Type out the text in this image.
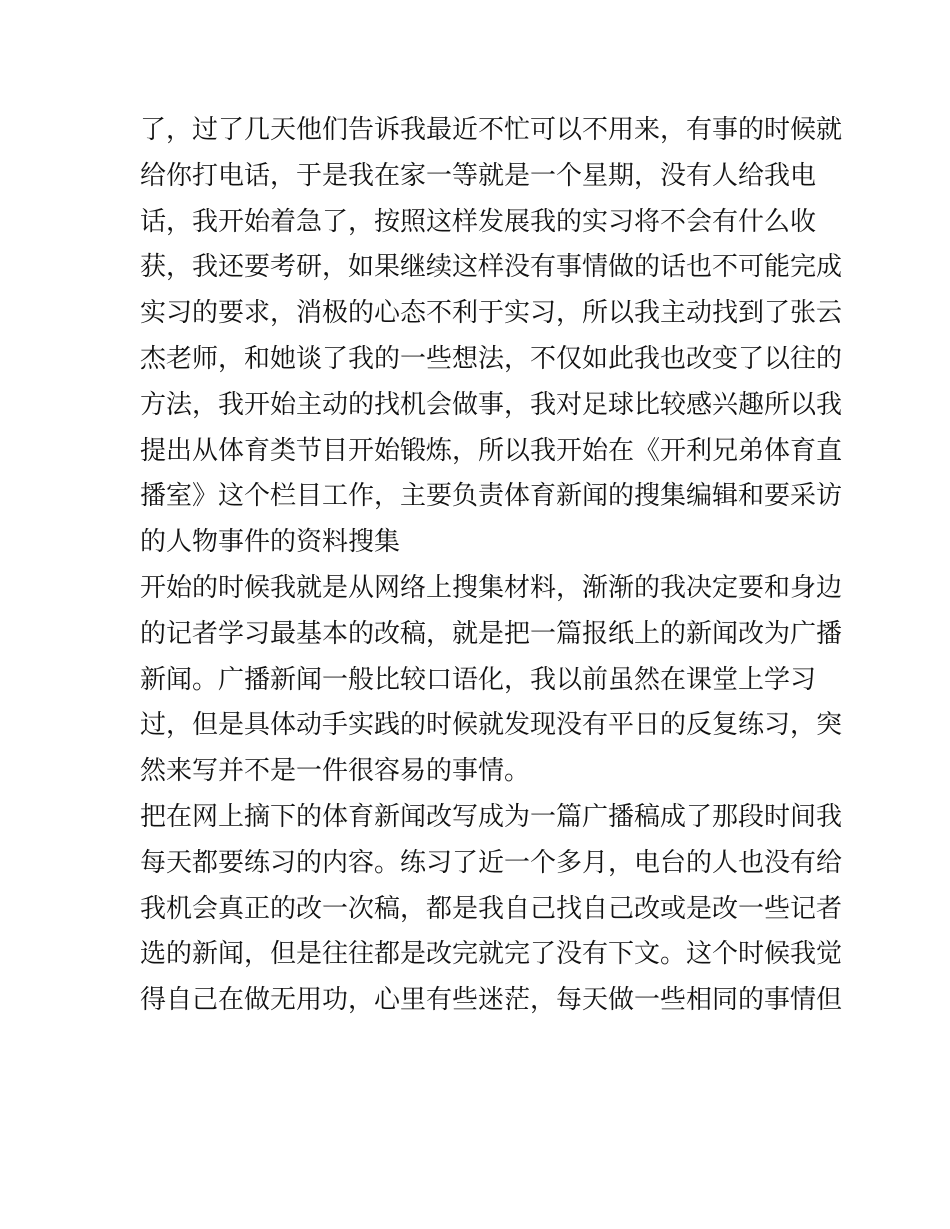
了，过了几天他们告诉我最近不忙可以不用来，有事的时候就
给你打电话，于是我在家一等就是一个星期，没有人给我电
话，我开始着急了，按照这样发展我的实习将不会有什么收
获，我还要考研，如果继续这样没有事情做的话也不可能完成
实习的要求，消极的心态不利于实习，所以我主动找到了张云
杰老师，和她谈了我的一些想法，不仅如此我也改变了以往的
方法，我开始主动的找机会做事，我对足球比较感兴趣所以我
提出从体育类节目开始锻炼，所以我开始在《开利兄弟体育直
播室》这个栏目工作，主要负责体育新闻的搜集编辑和要采访
的人物事件的资料搜集
开始的时候我就是从网络上搜集材料，渐渐的我决定要和身边
的记者学习最基本的改稿，就是把一篇报纸上的新闻改为广播
新闻。广播新闻一般比较口语化，我以前虽然在课堂上学习
过，但是具体动手实践的时候就发现没有平日的反复练习，突
然来写并不是一件很容易的事情。
把在网上摘下的体育新闻改写成为一篇广播稿成了那段时间我
每天都要练习的内容。练习了近一个多月，电台的人也没有给
我机会真正的改一次稿，都是我自己找自己改或是改一些记者
选的新闻，但是往往都是改完就完了没有下文。这个时候我觉
得自己在做无用功，心里有些迷茫，每天做一些相同的事情但
